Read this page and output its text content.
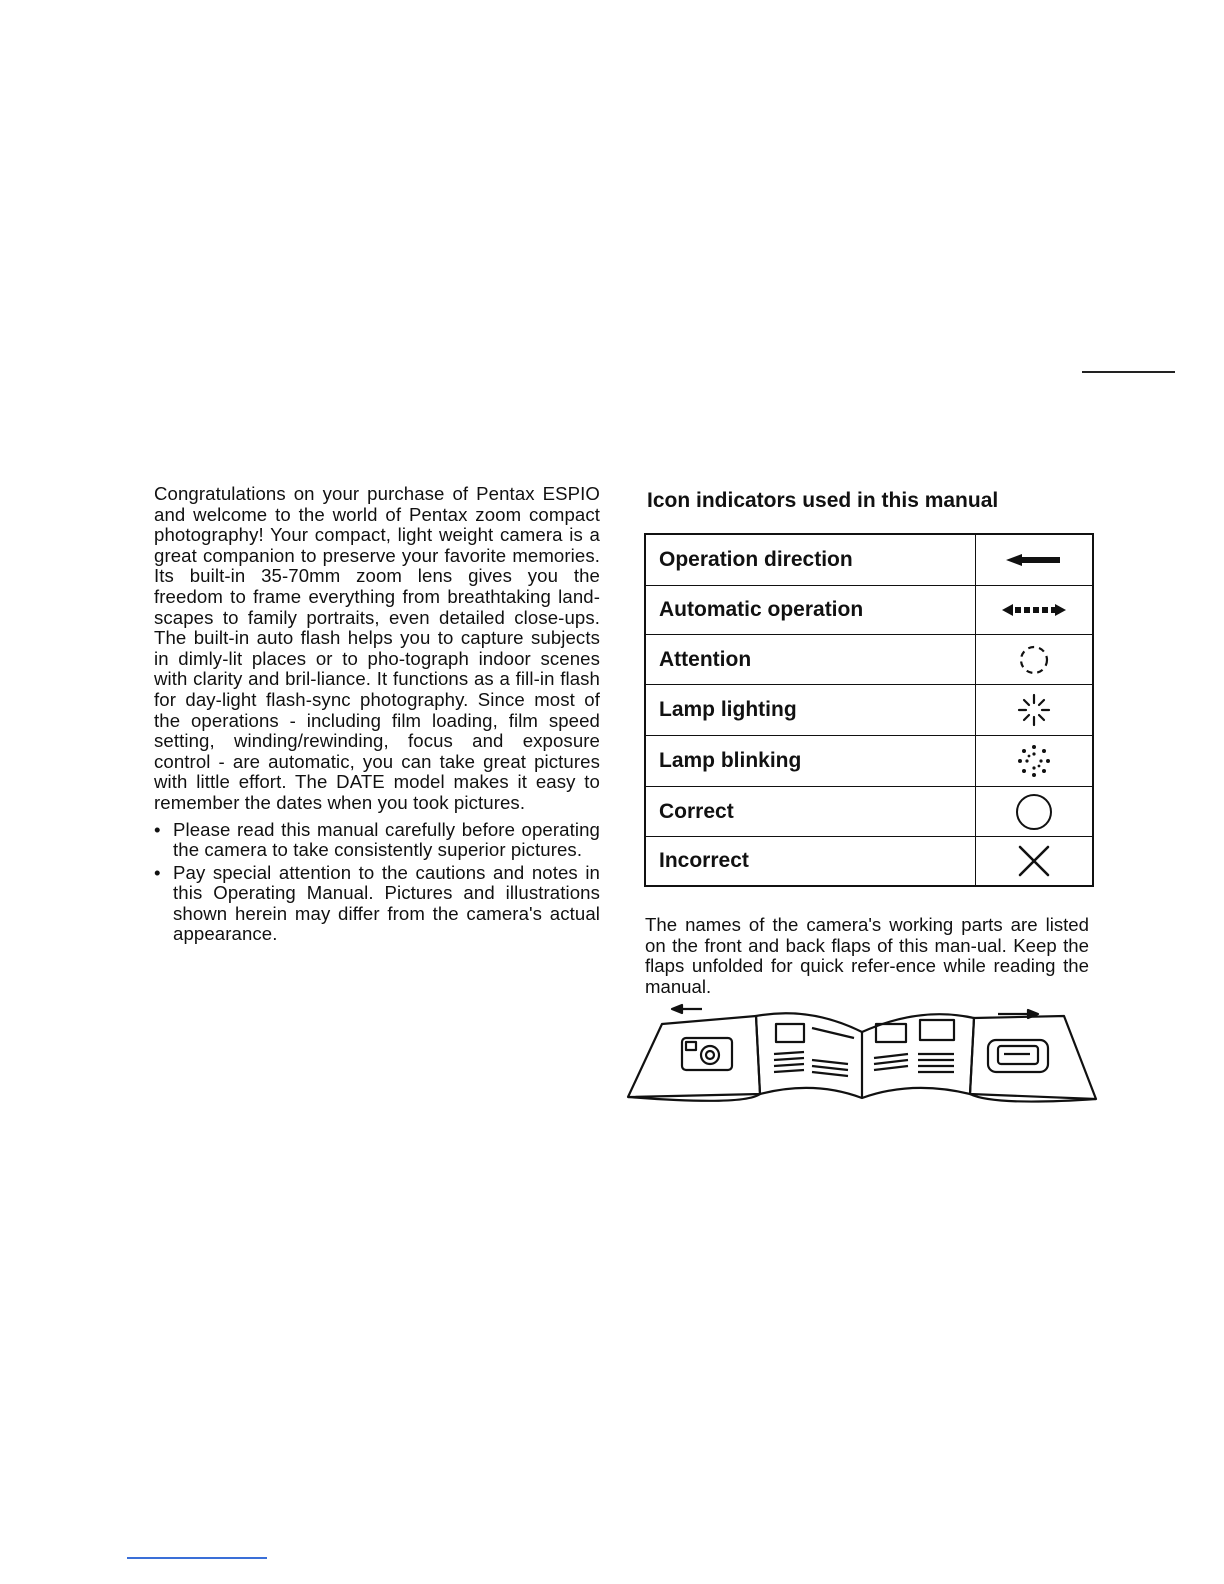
Congratulations on your purchase of Pentax ESPIO and welcome to the world of Pentax zoom compact photography! Your compact, light weight camera is a great companion to preserve your favorite memories. Its built-in 35-70mm zoom lens gives you the freedom to frame everything from breathtaking land-scapes to family portraits, even detailed close-ups. The built-in auto flash helps you to capture subjects in dimly-lit places or to pho-tograph indoor scenes with clarity and bril-liance. It functions as a fill-in flash for day-light flash-sync photography. Since most of the operations - including film loading, film speed setting, winding/rewinding, focus and exposure control - are automatic, you can take great pictures with little effort. The DATE model makes it easy to remember the dates when you took pictures.

• Please read this manual carefully before operating the camera to take consistently superior pictures.
• Pay special attention to the cautions and notes in this Operating Manual. Pictures and illustrations shown herein may differ from the camera's actual appearance.
Icon indicators used in this manual
Operation direction	

Automatic operation	

Attention	

Lamp lighting	

Lamp blinking	

Correct	

Incorrect	

The names of the camera's working parts are listed on the front and back flaps of this man-ual. Keep the flaps unfolded for quick refer-ence while reading the manual.
